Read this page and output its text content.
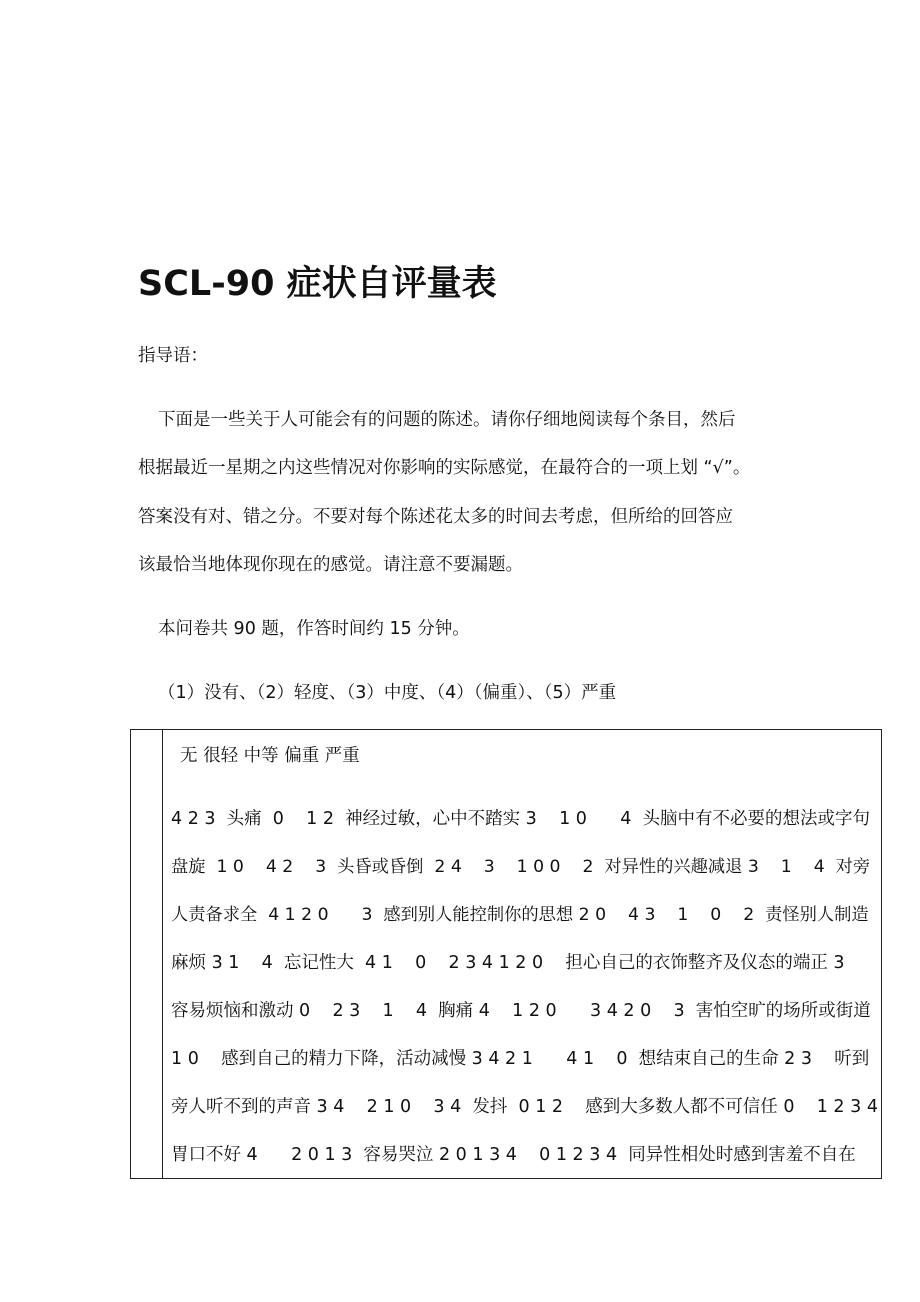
SCL-90 症状自评量表
指导语：
下面是一些关于人可能会有的问题的陈述。请你仔细地阅读每个条目，然后
根据最近一星期之内这些情况对你影响的实际感觉，在最符合的一项上划 “√”。
答案没有对、错之分。不要对每个陈述花太多的时间去考虑，但所给的回答应
该最恰当地体现你现在的感觉。请注意不要漏题。
本问卷共 90 题，作答时间约 15 分钟。
（1）没有、（2）轻度、（3）中度、（4）（偏重）、（5）严重
无 很轻 中等 偏重 严重
4 2 3  头痛  0    1 2  神经过敏，心中不踏实 3    1 0      4  头脑中有不必要的想法或字句
盘旋  1 0    4 2    3  头昏或昏倒  2 4    3    1 0 0    2  对异性的兴趣减退 3    1    4  对旁
人责备求全  4 1 2 0      3  感到别人能控制你的思想 2 0    4 3    1    0    2  责怪别人制造
麻烦 3 1    4  忘记性大  4 1    0    2 3 4 1 2 0    担心自己的衣饰整齐及仪态的端正 3
容易烦恼和激动 0    2 3    1    4  胸痛 4    1 2 0      3 4 2 0    3  害怕空旷的场所或街道
1 0    感到自己的精力下降，活动减慢 3 4 2 1      4 1    0  想结束自己的生命 2 3    听到
旁人听不到的声音 3 4    2 1 0    3 4  发抖  0 1 2    感到大多数人都不可信任 0    1 2 3 4
胃口不好 4      2 0 1 3  容易哭泣 2 0 1 3 4    0 1 2 3 4  同异性相处时感到害羞不自在
